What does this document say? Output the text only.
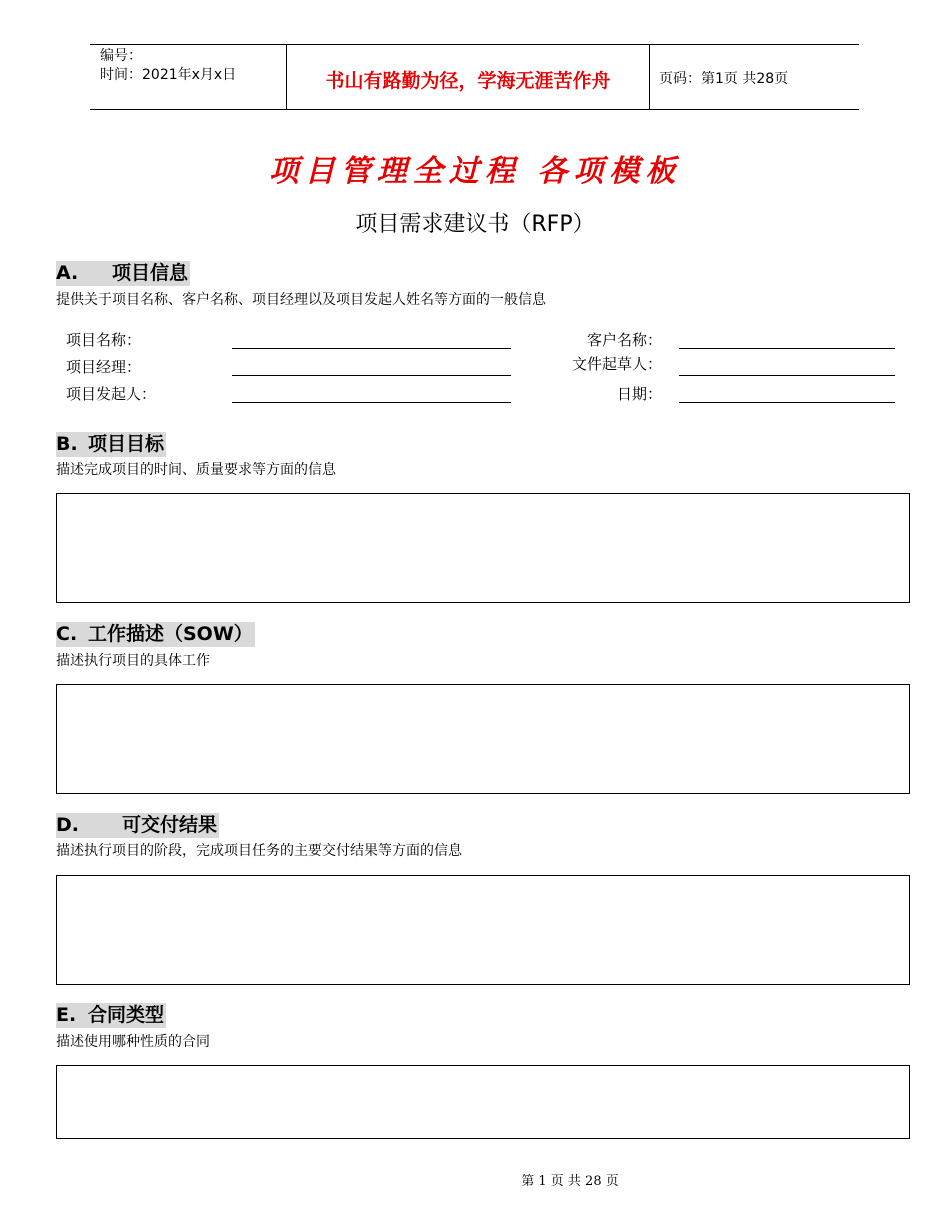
编号：
时间：2021年x月x日	书山有路勤为径，学海无涯苦作舟	页码：第1页 共28页
项目管理全过程 各项模板
项目需求建议书（RFP）
A. 项目信息
提供关于项目名称、客户名称、项目经理以及项目发起人姓名等方面的一般信息
项目名称：
项目经理：
项目发起人：
客户名称：
文件起草人：
日期：
B. 项目目标
描述完成项目的时间、质量要求等方面的信息
C. 工作描述（SOW）
描述执行项目的具体工作
D. 可交付结果
描述执行项目的阶段，完成项目任务的主要交付结果等方面的信息
E. 合同类型
描述使用哪种性质的合同
第 1 页 共 28 页
